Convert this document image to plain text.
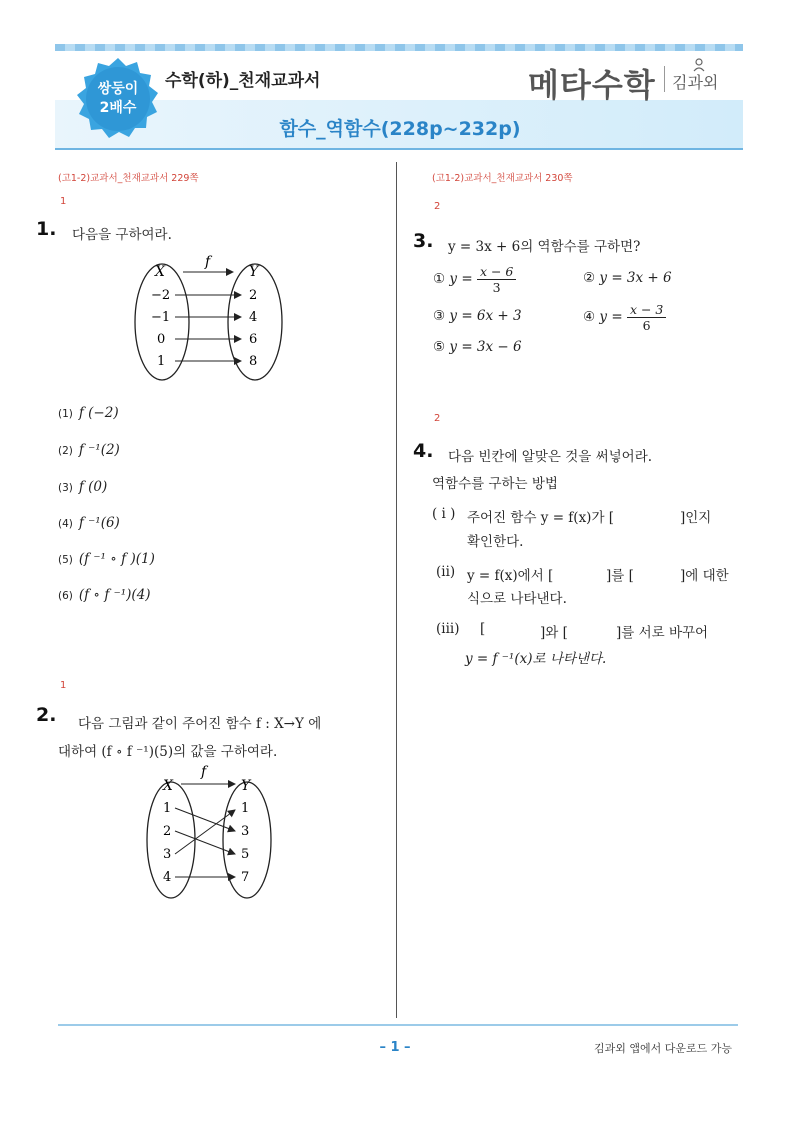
쌍둥이
2배수
수학(하)_천재교과서
함수_역함수(228p~232p)
메타수학 김과외
(고1-2)교과서_천재교과서 229쪽
1
1. 다음을 구하여라.
X	Y
f
−2
−1
0
1
2
4
6
8
(1) f (−2)
(2) f ⁻¹(2)
(3) f (0)
(4) f ⁻¹(6)
(5) (f ⁻¹ ∘ f )(1)
(6) (f ∘ f ⁻¹)(4)
1
2. 다음 그림과 같이 주어진 함수 f : X→Y 에
대하여 (f ∘ f ⁻¹)(5)의 값을 구하여라.
X	Y
f
1
2
3
4
1
3
5
7
(고1-2)교과서_천재교과서 230쪽
2
3. y = 3x + 6의 역함수를 구하면?
① $y = \frac{x - 6}{3}$	② y = 3x + 6
③ y = 6x + 3	④ $y = \frac{x - 3}{6}$
⑤ y = 3x − 6
2
4. 다음 빈칸에 알맞은 것을 써넣어라.
역함수를 구하는 방법
( i ) 주어진 함수 y = f(x)가 [	]인지
확인한다.
(ii) y = f(x)에서 [	]를 [	]에 대한
식으로 나타낸다.
(iii) [	]와 [	]를 서로 바꾸어
y = f ⁻¹(x)로 나타낸다.
– 1 –	김과외 앱에서 다운로드 가능
